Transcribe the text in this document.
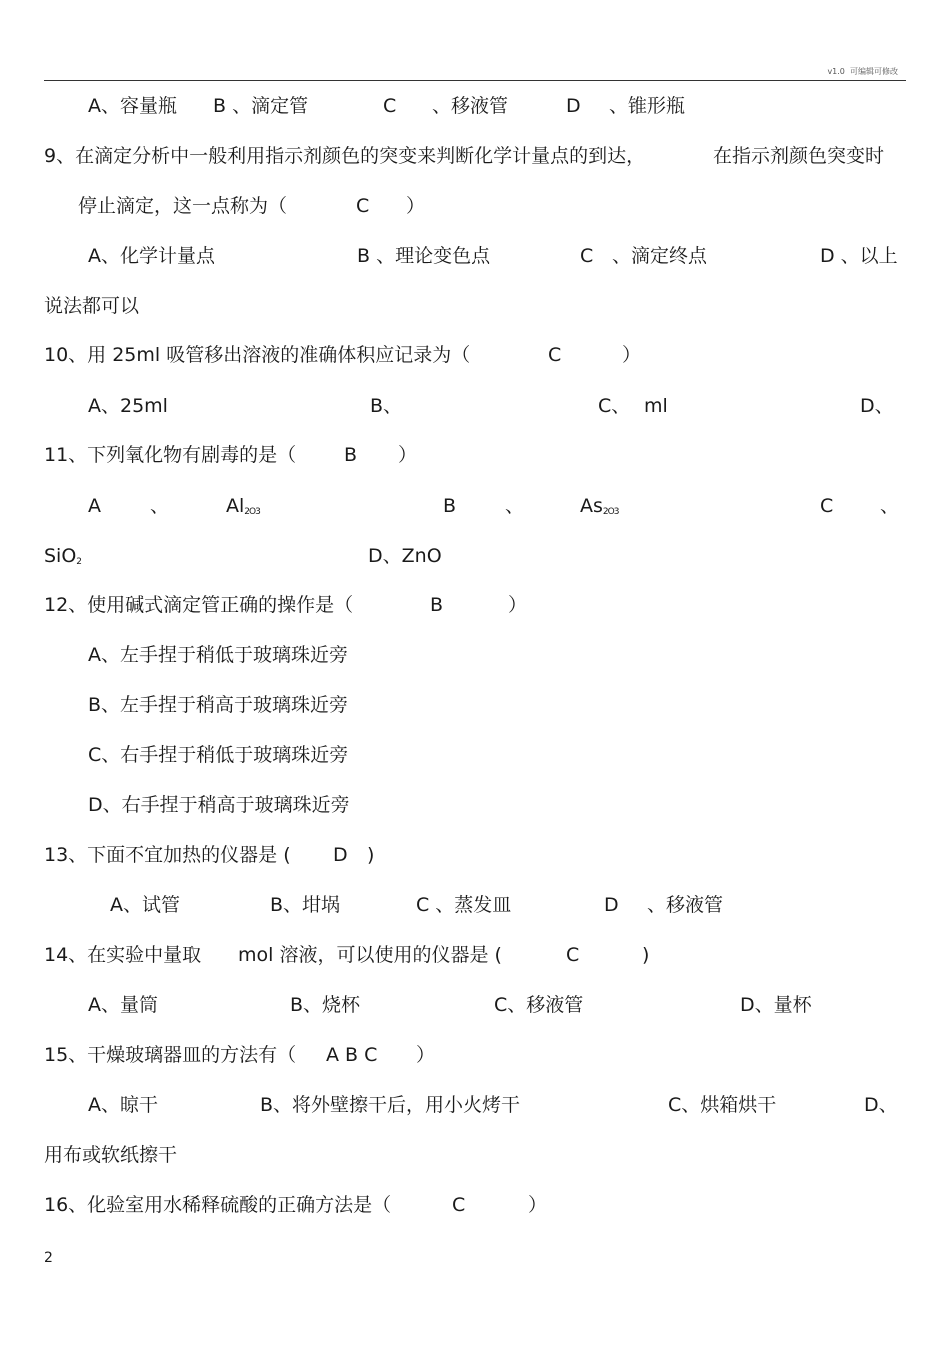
v1.0 可编辑可修改
A、容量瓶 B 、滴定管	C 、移液管	D 、锥形瓶
9、在滴定分析中一般利用指示剂颜色的突变来判断化学计量点的到达，	在指示剂颜色突变时
停止滴定，这一点称为（	C ）
A、化学计量点	B 、理论变色点	C 、滴定终点	D 、以上
说法都可以
10、用 25ml 吸管移出溶液的准确体积应记录为（	C	）
A、25ml	B、	C、 ml	D、
11、下列氧化物有剧毒的是（	B ）
A	、	$Al_{2O3}$	B	、	$As_{2O3}$	C 、
SiO$_2$	D、ZnO
12、使用碱式滴定管正确的操作是（	B	）
A、左手捏于稍低于玻璃珠近旁
B、左手捏于稍高于玻璃珠近旁
C、右手捏于稍低于玻璃珠近旁
D、右手捏于稍高于玻璃珠近旁
13、下面不宜加热的仪器是 ( D )
A、试管	B、坩埚	C 、蒸发皿	D 、移液管
14、在实验中量取 mol 溶液，可以使用的仪器是 (	C	)
A、量筒	B、烧杯	C、移液管	D、量杯
15、干燥玻璃器皿的方法有（ A B C ）
A、晾干	B、将外壁擦干后，用小火烤干	C、烘箱烘干	D、
用布或软纸擦干
16、化验室用水稀释硫酸的正确方法是（	C	）
2
